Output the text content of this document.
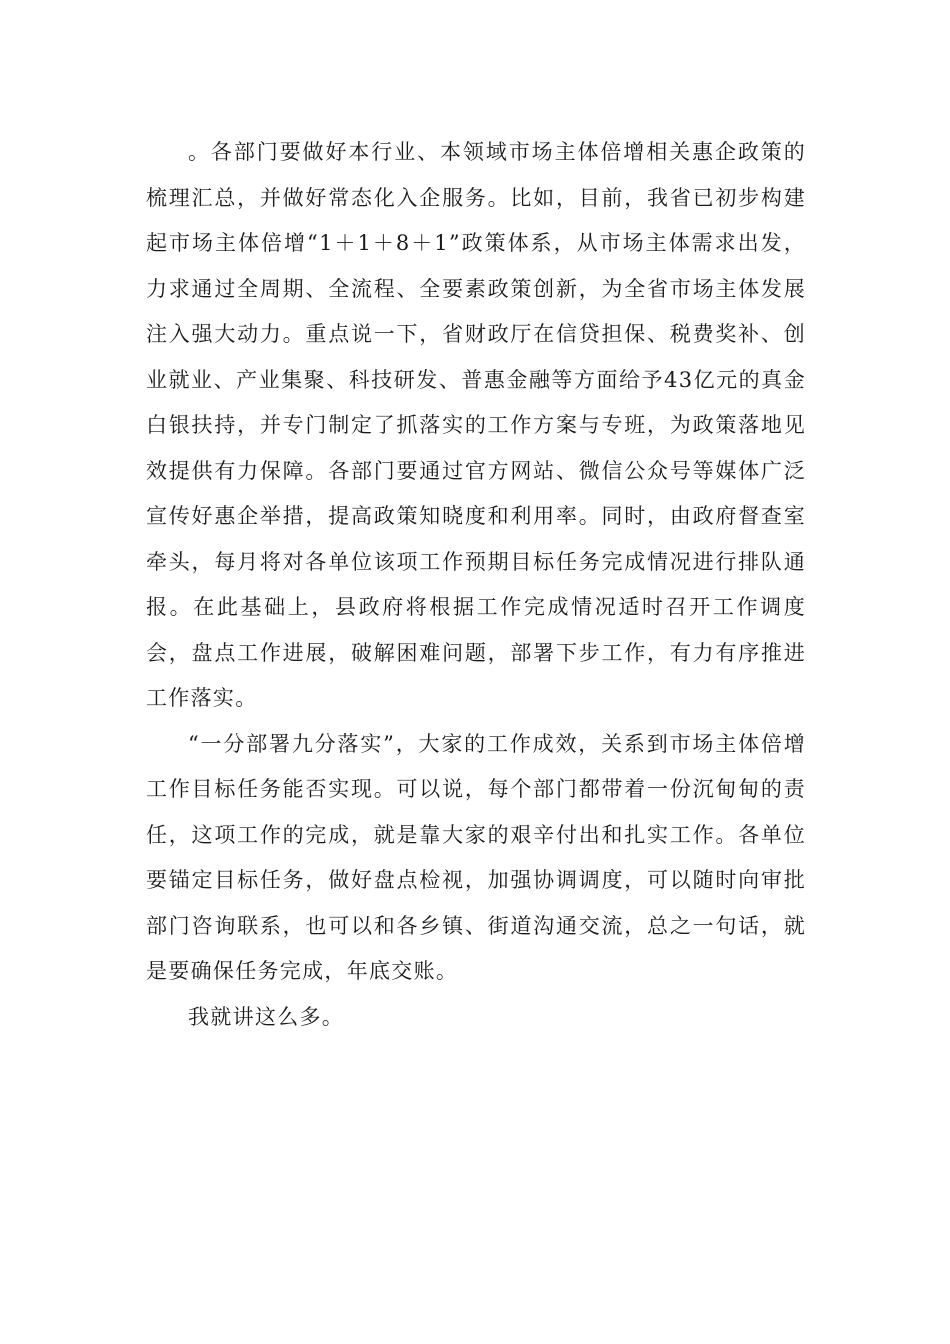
。各部门要做好本行业、本领域市场主体倍增相关惠企政策的梳理汇总，并做好常态化入企服务。比如，目前，我省已初步构建起市场主体倍增“1＋1＋8＋1”政策体系，从市场主体需求出发，力求通过全周期、全流程、全要素政策创新，为全省市场主体发展注入强大动力。重点说一下，省财政厅在信贷担保、税费奖补、创业就业、产业集聚、科技研发、普惠金融等方面给予43亿元的真金白银扶持，并专门制定了抓落实的工作方案与专班，为政策落地见效提供有力保障。各部门要通过官方网站、微信公众号等媒体广泛宣传好惠企举措，提高政策知晓度和利用率。同时，由政府督查室牵头，每月将对各单位该项工作预期目标任务完成情况进行排队通报。在此基础上，县政府将根据工作完成情况适时召开工作调度会，盘点工作进展，破解困难问题，部署下步工作，有力有序推进工作落实。

“一分部署九分落实”，大家的工作成效，关系到市场主体倍增工作目标任务能否实现。可以说，每个部门都带着一份沉甸甸的责任，这项工作的完成，就是靠大家的艰辛付出和扎实工作。各单位要锚定目标任务，做好盘点检视，加强协调调度，可以随时向审批部门咨询联系，也可以和各乡镇、街道沟通交流，总之一句话，就是要确保任务完成，年底交账。

我就讲这么多。
